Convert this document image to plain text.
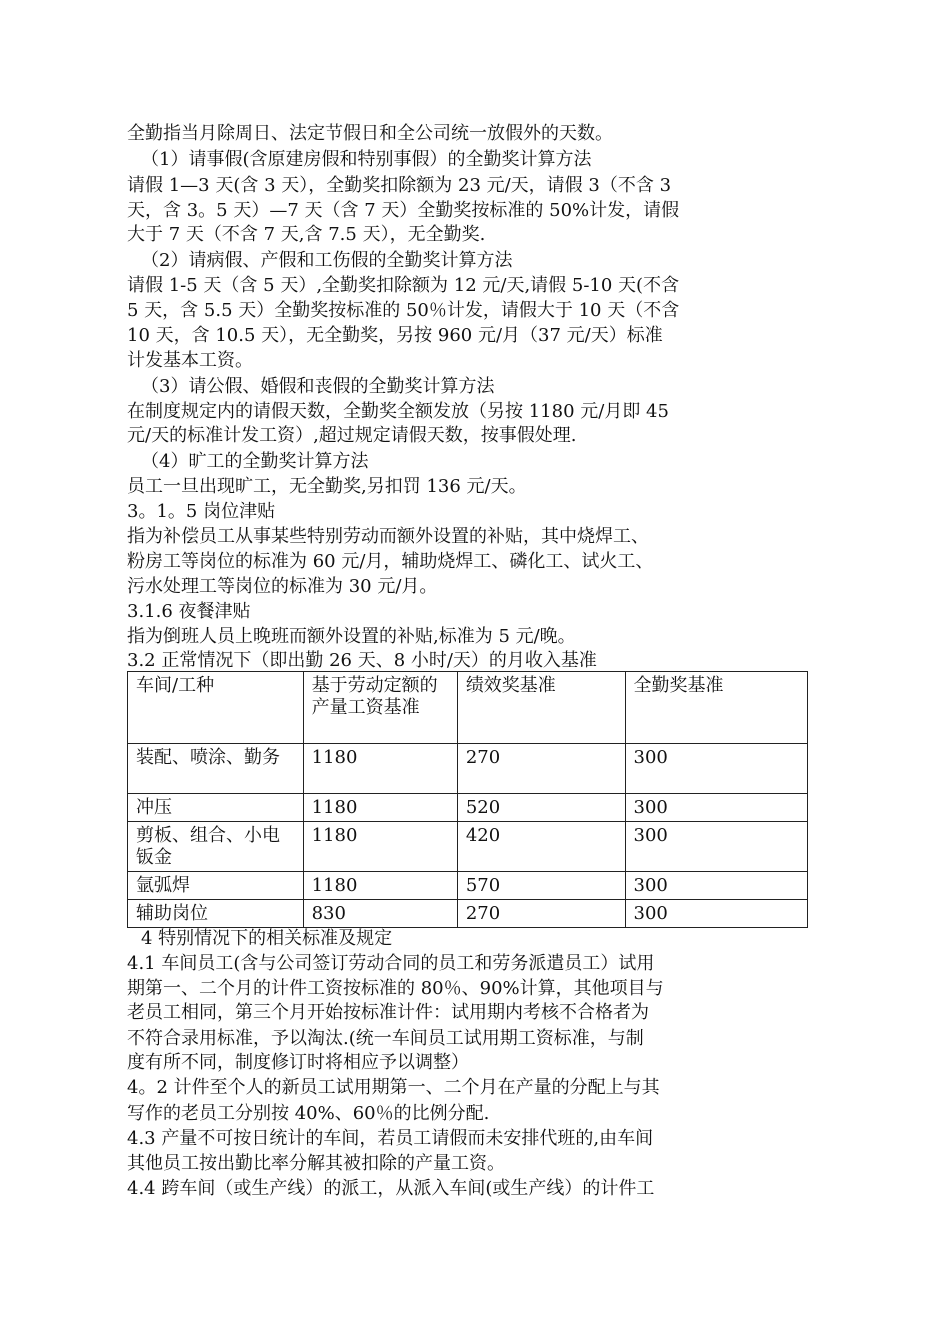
全勤指当月除周日、法定节假日和全公司统一放假外的天数。
（1）请事假(含原建房假和特别事假）的全勤奖计算方法
请假 1—3 天(含 3 天），全勤奖扣除额为 23 元/天，请假 3（不含 3
天，含 3。5 天）—7 天（含 7 天）全勤奖按标准的 50%计发，请假
大于 7 天（不含 7 天,含 7.5 天），无全勤奖.
（2）请病假、产假和工伤假的全勤奖计算方法
请假 1-5 天（含 5 天）,全勤奖扣除额为 12 元/天,请假 5-10 天(不含
5 天，含 5.5 天）全勤奖按标准的 50％计发，请假大于 10 天（不含
10 天，含 10.5 天），无全勤奖，另按 960 元/月（37 元/天）标准
计发基本工资。
（3）请公假、婚假和丧假的全勤奖计算方法
在制度规定内的请假天数，全勤奖全额发放（另按 1180 元/月即 45
元/天的标准计发工资）,超过规定请假天数，按事假处理.
（4）旷工的全勤奖计算方法
员工一旦出现旷工，无全勤奖,另扣罚 136 元/天。
3。1。5 岗位津贴
指为补偿员工从事某些特别劳动而额外设置的补贴，其中烧焊工、
粉房工等岗位的标准为 60 元/月，辅助烧焊工、磷化工、试火工、
污水处理工等岗位的标准为 30 元/月。
3.1.6 夜餐津贴
指为倒班人员上晚班而额外设置的补贴,标准为 5 元/晚。
3.2 正常情况下（即出勤 26 天、8 小时/天）的月收入基准
车间/工种	基于劳动定额的产量工资基准	绩效奖基准	全勤奖基准
装配、喷涂、勤务	1180	270	300
冲压	1180	520	300
剪板、组合、小电钣金	1180	420	300
氩弧焊	1180	570	300
辅助岗位	830	270	300
4 特别情况下的相关标准及规定
4.1 车间员工(含与公司签订劳动合同的员工和劳务派遣员工）试用
期第一、二个月的计件工资按标准的 80％、90%计算，其他项目与
老员工相同，第三个月开始按标准计件：试用期内考核不合格者为
不符合录用标准，予以淘汰.(统一车间员工试用期工资标准，与制
度有所不同，制度修订时将相应予以调整）
4。2 计件至个人的新员工试用期第一、二个月在产量的分配上与其
写作的老员工分别按 40%、60％的比例分配.
4.3 产量不可按日统计的车间，若员工请假而未安排代班的,由车间
其他员工按出勤比率分解其被扣除的产量工资。
4.4 跨车间（或生产线）的派工，从派入车间(或生产线）的计件工
